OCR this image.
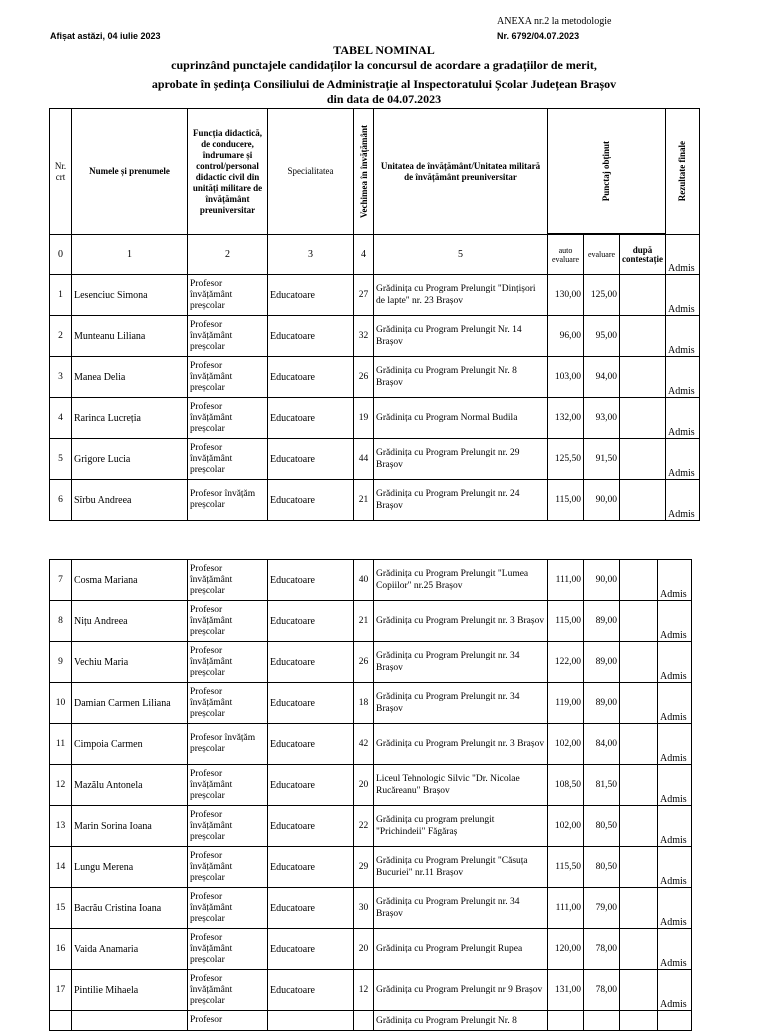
Afișat astăzi, 04 iulie 2023
ANEXA nr.2 la metodologie
Nr. 6792/04.07.2023
TABEL NOMINAL
cuprinzând punctajele candidaților la concursul de acordare a gradațiilor de merit,
aprobate în ședința Consiliului de Administrație al Inspectoratului Școlar Județean Brașov
din data de 04.07.2023
Nr. crt	Numele și prenumele	Funcția didactică, de conducere, îndrumare și control/personal didactic civil din unități militare de învățământ preuniversitar	Specialitatea	Vechimea în învățământ	Unitatea de învățământ/Unitatea militară de învățământ preuniversitar	Punctaj obținut			Rezultate finale

0	1	2	3	4	5	auto evaluare	evaluare	după contestație	Admis
1	Lesenciuc Simona	Profesor învățământ preșcolar	Educatoare	27	Grădinița cu Program Prelungit "Dințișori de lapte" nr. 23 Brașov	130,00	125,00		Admis
2	Munteanu Liliana	Profesor învățământ preșcolar	Educatoare	32	Grădinița cu Program Prelungit Nr. 14 Brașov	96,00	95,00		Admis
3	Manea Delia	Profesor învățământ preșcolar	Educatoare	26	Grădinița cu Program Prelungit Nr. 8 Brașov	103,00	94,00		Admis
4	Rarinca Lucreția	Profesor învățământ preșcolar	Educatoare	19	Grădinița cu Program Normal Budila	132,00	93,00		Admis
5	Grigore Lucia	Profesor învățământ preșcolar	Educatoare	44	Grădinița cu Program Prelungit nr. 29 Brașov	125,50	91,50		Admis
6	Sîrbu Andreea	Profesor învățăm preșcolar	Educatoare	21	Grădinița cu Program Prelungit nr. 24 Brașov	115,00	90,00		Admis
7	Cosma Mariana	Profesor învățământ preșcolar	Educatoare	40	Grădinița cu Program Prelungit "Lumea Copiilor" nr.25 Brașov	111,00	90,00		Admis
8	Nițu Andreea	Profesor învățământ preșcolar	Educatoare	21	Grădinița cu Program Prelungit nr. 3 Brașov	115,00	89,00		Admis
9	Vechiu Maria	Profesor învățământ preșcolar	Educatoare	26	Grădinița cu Program Prelungit nr. 34 Brașov	122,00	89,00		Admis
10	Damian Carmen Liliana	Profesor învățământ preșcolar	Educatoare	18	Grădinița cu Program Prelungit nr. 34 Brașov	119,00	89,00		Admis
11	Cimpoia Carmen	Profesor învățăm preșcolar	Educatoare	42	Grădinița cu Program Prelungit nr. 3 Brașov	102,00	84,00		Admis
12	Mazălu Antonela	Profesor învățământ preșcolar	Educatoare	20	Liceul Tehnologic Silvic "Dr. Nicolae Rucăreanu" Brașov	108,50	81,50		Admis
13	Marin Sorina Ioana	Profesor învățământ preșcolar	Educatoare	22	Grădinița cu program prelungit "Prichindeii" Făgăraș	102,00	80,50		Admis
14	Lungu Merena	Profesor învățământ preșcolar	Educatoare	29	Grădinița cu Program Prelungit "Căsuța Bucuriei" nr.11 Brașov	115,50	80,50		Admis
15	Bacrău Cristina Ioana	Profesor învățământ preșcolar	Educatoare	30	Grădinița cu Program Prelungit nr. 34 Brașov	111,00	79,00		Admis
16	Vaida Anamaria	Profesor învățământ preșcolar	Educatoare	20	Grădinița cu Program Prelungit Rupea	120,00	78,00		Admis
17	Pintilie Mihaela	Profesor învățământ preșcolar	Educatoare	12	Grădinița cu Program Prelungit nr 9 Brașov	131,00	78,00		Admis
		Profesor			Grădinița cu Program Prelungit Nr. 8				
